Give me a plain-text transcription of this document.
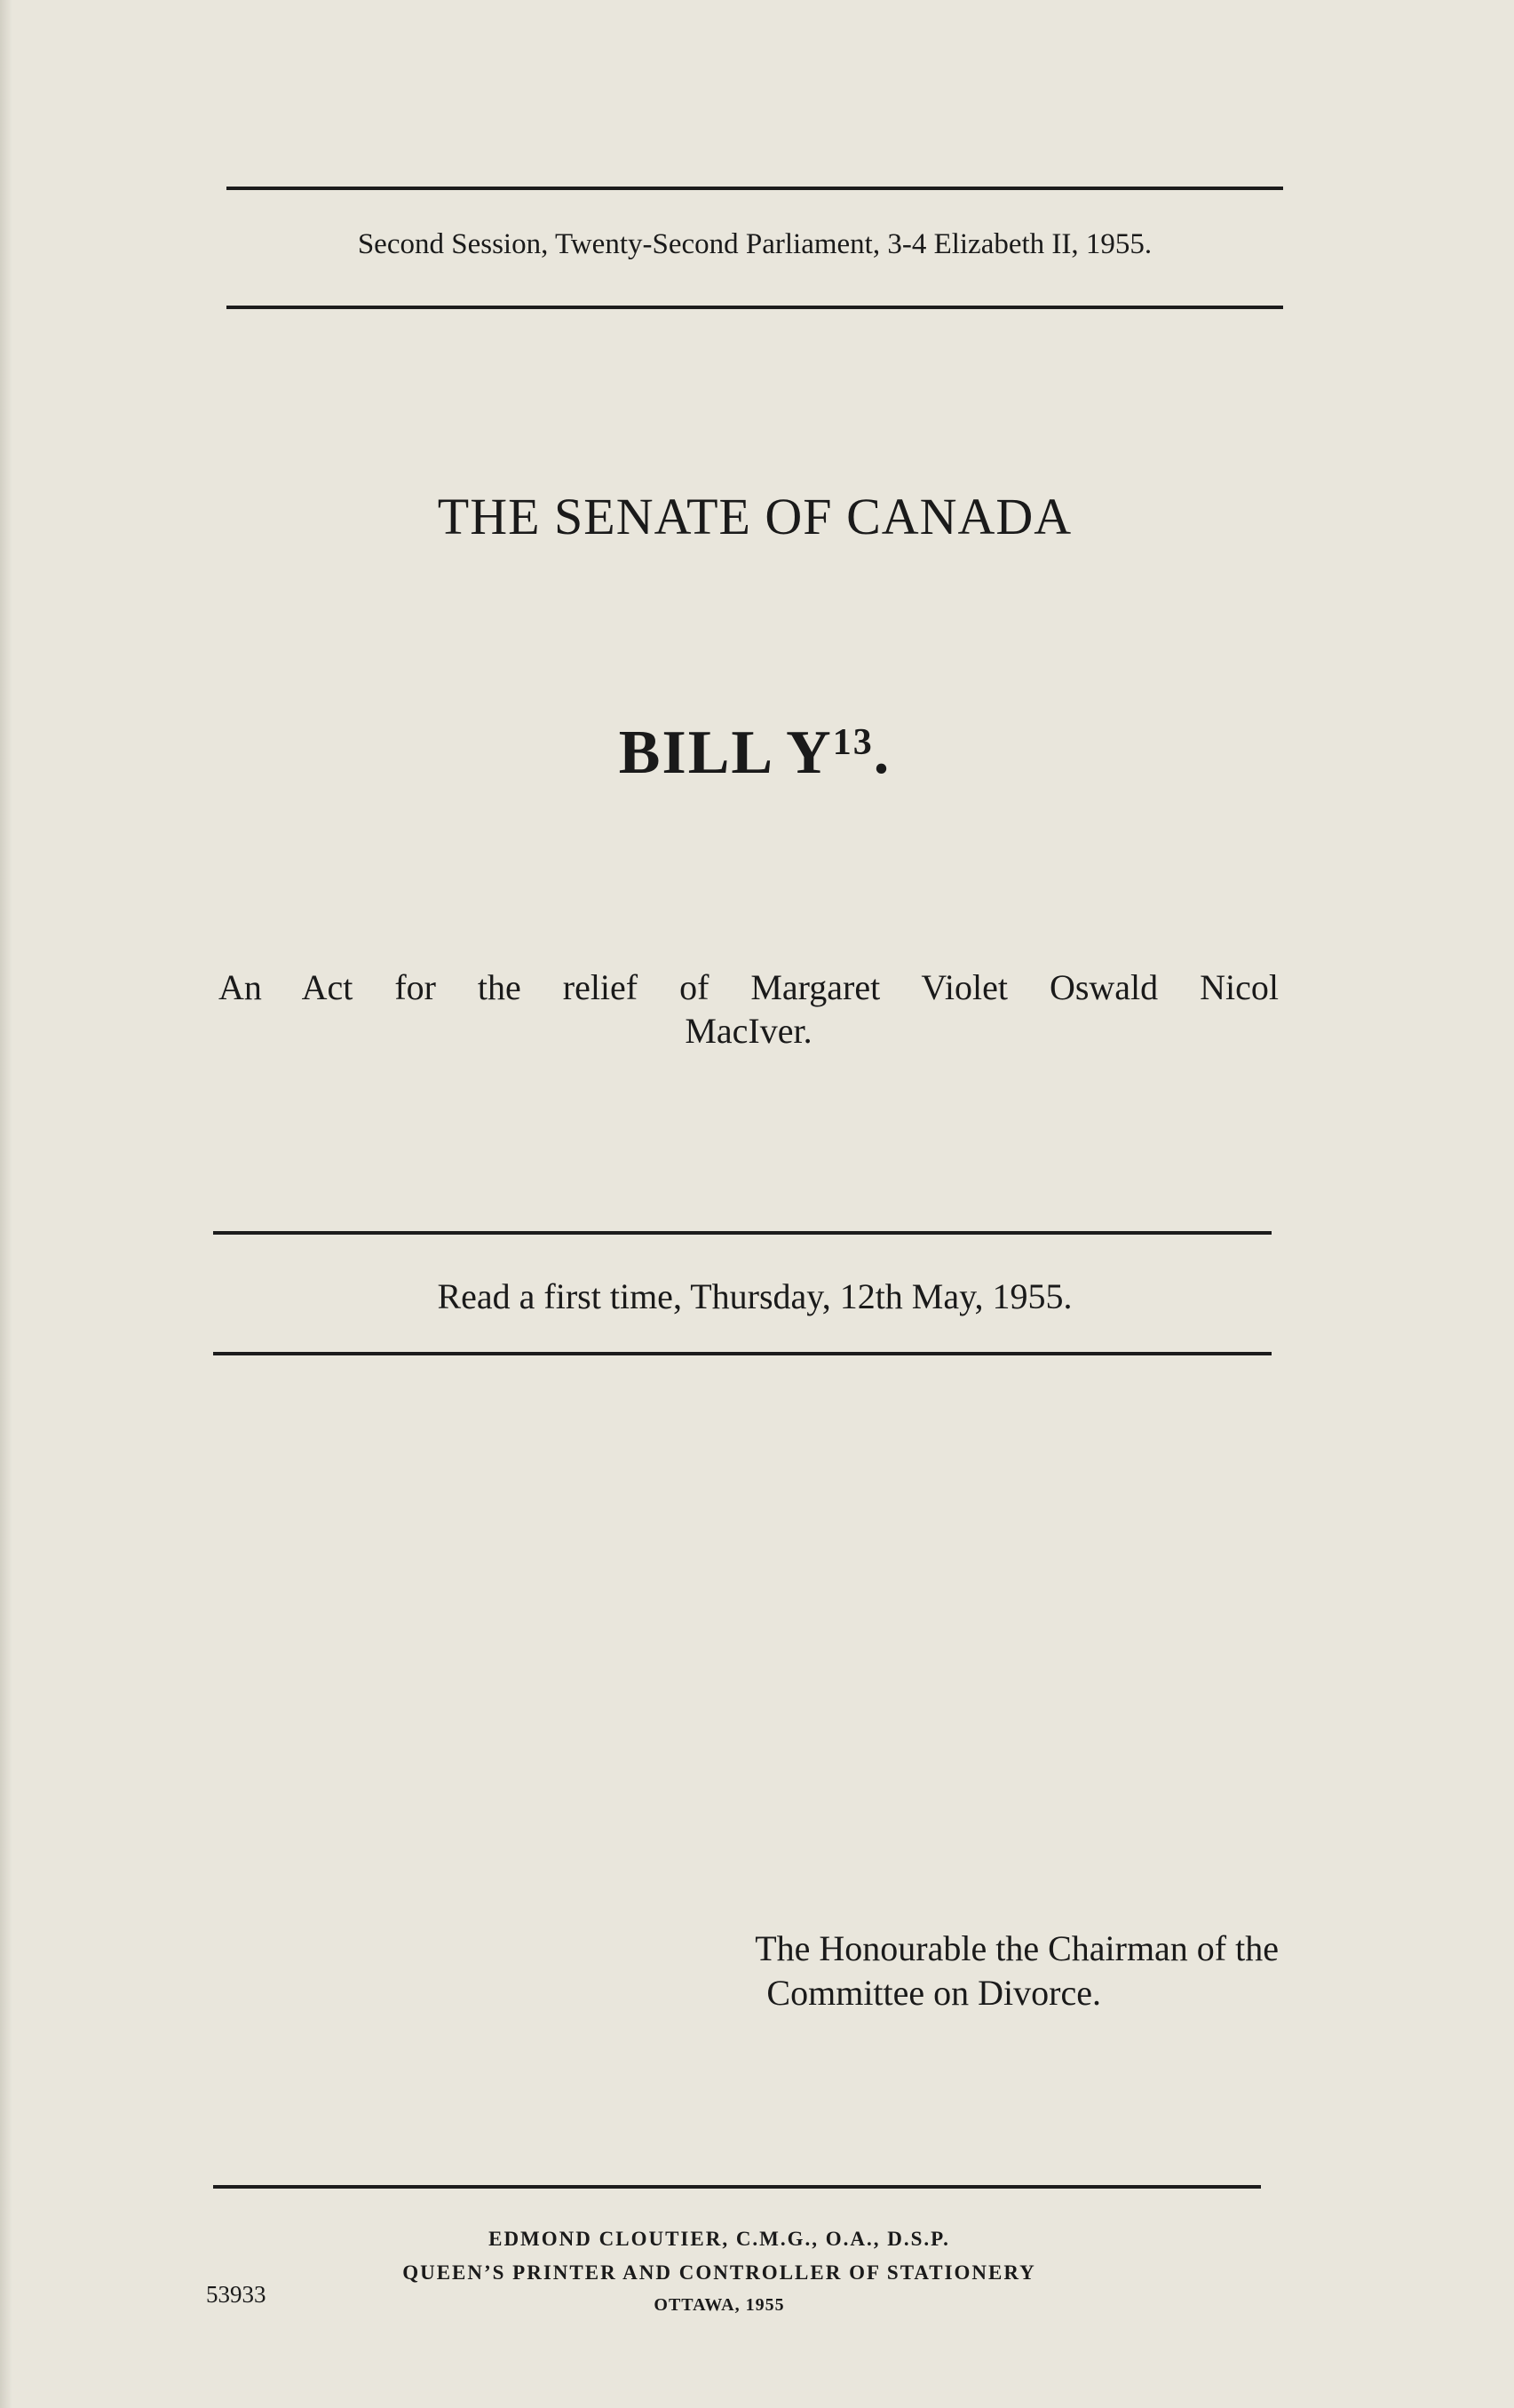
Second Session, Twenty-Second Parliament, 3-4 Elizabeth II, 1955.
THE SENATE OF CANADA
BILL $Y^{13}$.
An Act for the relief of Margaret Violet Oswald Nicol
MacIver.
Read a first time, Thursday, 12th May, 1955.
The Honourable the Chairman of the
Committee on Divorce.
EDMOND CLOUTIER, C.M.G., O.A., D.S.P.
QUEEN’S PRINTER AND CONTROLLER OF STATIONERY
OTTAWA, 1955
53933
